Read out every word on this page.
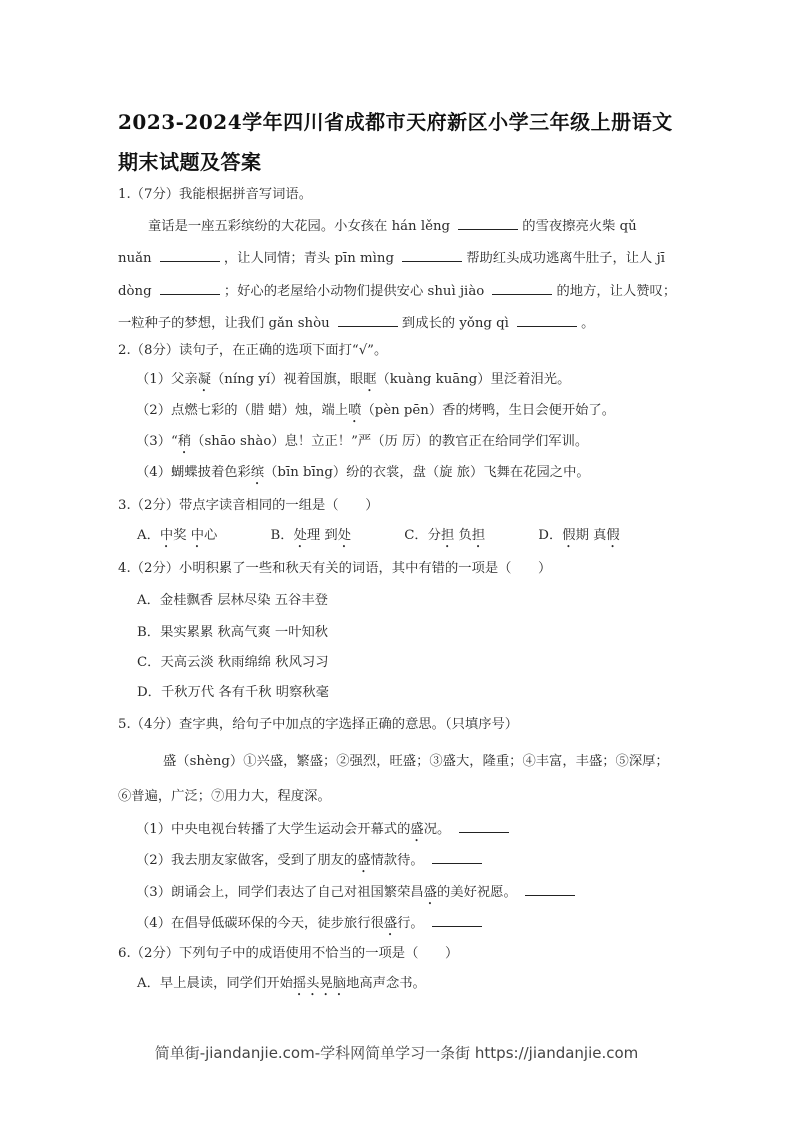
2023-2024学年四川省成都市天府新区小学三年级上册语文
期末试题及答案
1.（7分）我能根据拼音写词语。
童话是一座五彩缤纷的大花园。小女孩在 hán lěng	的雪夜擦亮火柴 qǔ
nuǎn	，让人同情；青头 pīn mìng	帮助红头成功逃离牛肚子，让人 jī
dòng	；好心的老屋给小动物们提供安心 shuì jiào	的地方，让人赞叹；
一粒种子的梦想，让我们 gǎn shòu	到成长的 yǒng qì	。
2.（8分）读句子，在正确的选项下面打“√”。
（1）父亲凝（níng yí）视着国旗，眼眶（kuàng kuāng）里泛着泪光。
（2）点燃七彩的（腊 蜡）烛，端上喷（pèn pēn）香的烤鸭，生日会便开始了。
（3）“稍（shāo shào）息！立正！”严（历 厉）的教官正在给同学们军训。
（4）蝴蝶披着色彩缤（bīn bīng）纷的衣裳，盘（旋 旅）飞舞在花园之中。
3.（2分）带点字读音相同的一组是（　　）
A．中奖 中心　　　　B．处理 到处　　　　C．分担 负担　　　　D．假期 真假
4.（2分）小明积累了一些和秋天有关的词语，其中有错的一项是（　　）
A．金桂飘香 层林尽染 五谷丰登
B．果实累累 秋高气爽 一叶知秋
C．天高云淡 秋雨绵绵 秋风习习
D．千秋万代 各有千秋 明察秋毫
5.（4分）查字典，给句子中加点的字选择正确的意思。（只填序号）
盛（shèng）①兴盛，繁盛；②强烈，旺盛；③盛大，隆重；④丰富，丰盛；⑤深厚；
⑥普遍，广泛；⑦用力大，程度深。
（1）中央电视台转播了大学生运动会开幕式的盛况。
（2）我去朋友家做客，受到了朋友的盛情款待。
（3）朗诵会上，同学们表达了自己对祖国繁荣昌盛的美好祝愿。
（4）在倡导低碳环保的今天，徒步旅行很盛行。
6.（2分）下列句子中的成语使用不恰当的一项是（　　）
A．早上晨读，同学们开始摇头晃脑地高声念书。
简单街-jiandanjie.com-学科网简单学习一条街 https://jiandanjie.com
